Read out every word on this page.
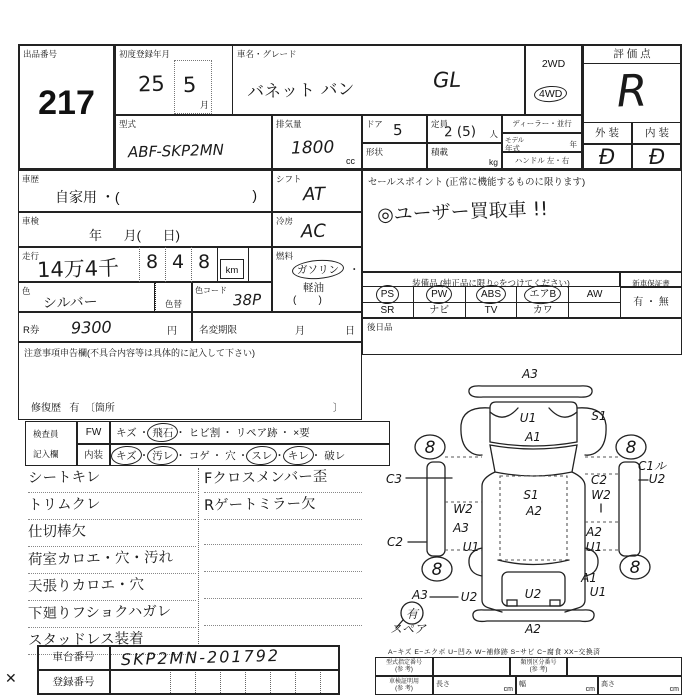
出品番号
217
初度登録年月
25 5
月
車名・グレード
バネット バン	GL
2WD
4WD
評 価 点
R
外 装	内 装
Đ	Đ
型式
ABF-SKP2MN
排気量
1800
cc
ドア 5	定員
2 (5) 人
形状	積載
kg
ディーラー・並行
モデル
年式	年
ハンドル 左・右
車歴
自家用 ・(	)
シフト
AT
車検
年      月(      日)
冷房 AC
走行
14万4千	8 4 8	km
燃料
ガソリン ・
軽油
(        )
色
シルバー	色替
色コード
38P
R券 9300	円 名変期限	月	日
注意事項申告欄(不具合内容等は具体的に記入して下さい)
修復歴 有 〔箇所	〕
セールスポイント (正常に機能するものに限ります)
◎ユーザー買取車 !!
装備品 (純正品に限り○をつけてください)	新車保証書
有 ・ 無
PS	PW	ABS	エアB	AW
SR	ナビ	TV	カワ
後日品
検査員
記入欄
FW
内装
キズ ・ 飛石 ・ ヒビ割 ・ リペア跡 ・ ×要
キズ ・ 汚レ ・ コゲ ・ 穴 ・ スレ ・ キレ ・ 破レ
シートキレ
トリムクレ
仕切棒欠
荷室カロエ・穴・汚れ
天張りカロエ・穴
下廻りフショクハガレ
スタッドレス装着
Fクロスメンバー歪
Rゲートミラー欠
有
スペア
A3
U1
A1
S1
C3
W2
A3
U1
C2
S1
A2
C2
W2
A2
U1
A1
U1
C1ル
U2
A3	U2	U2
A2
8	8
8	8
✕
車台番号	SKP2MN-201792
登録番号
A−キズ E−エクボ U−凹み W−補修跡 S−サビ C−腐食 XX−交換済
型式指定番号
(参 考)
類別区分番号
(参 考)
車検証明用
(参 考)
長さ
cm
幅
cm
高さ
cm
